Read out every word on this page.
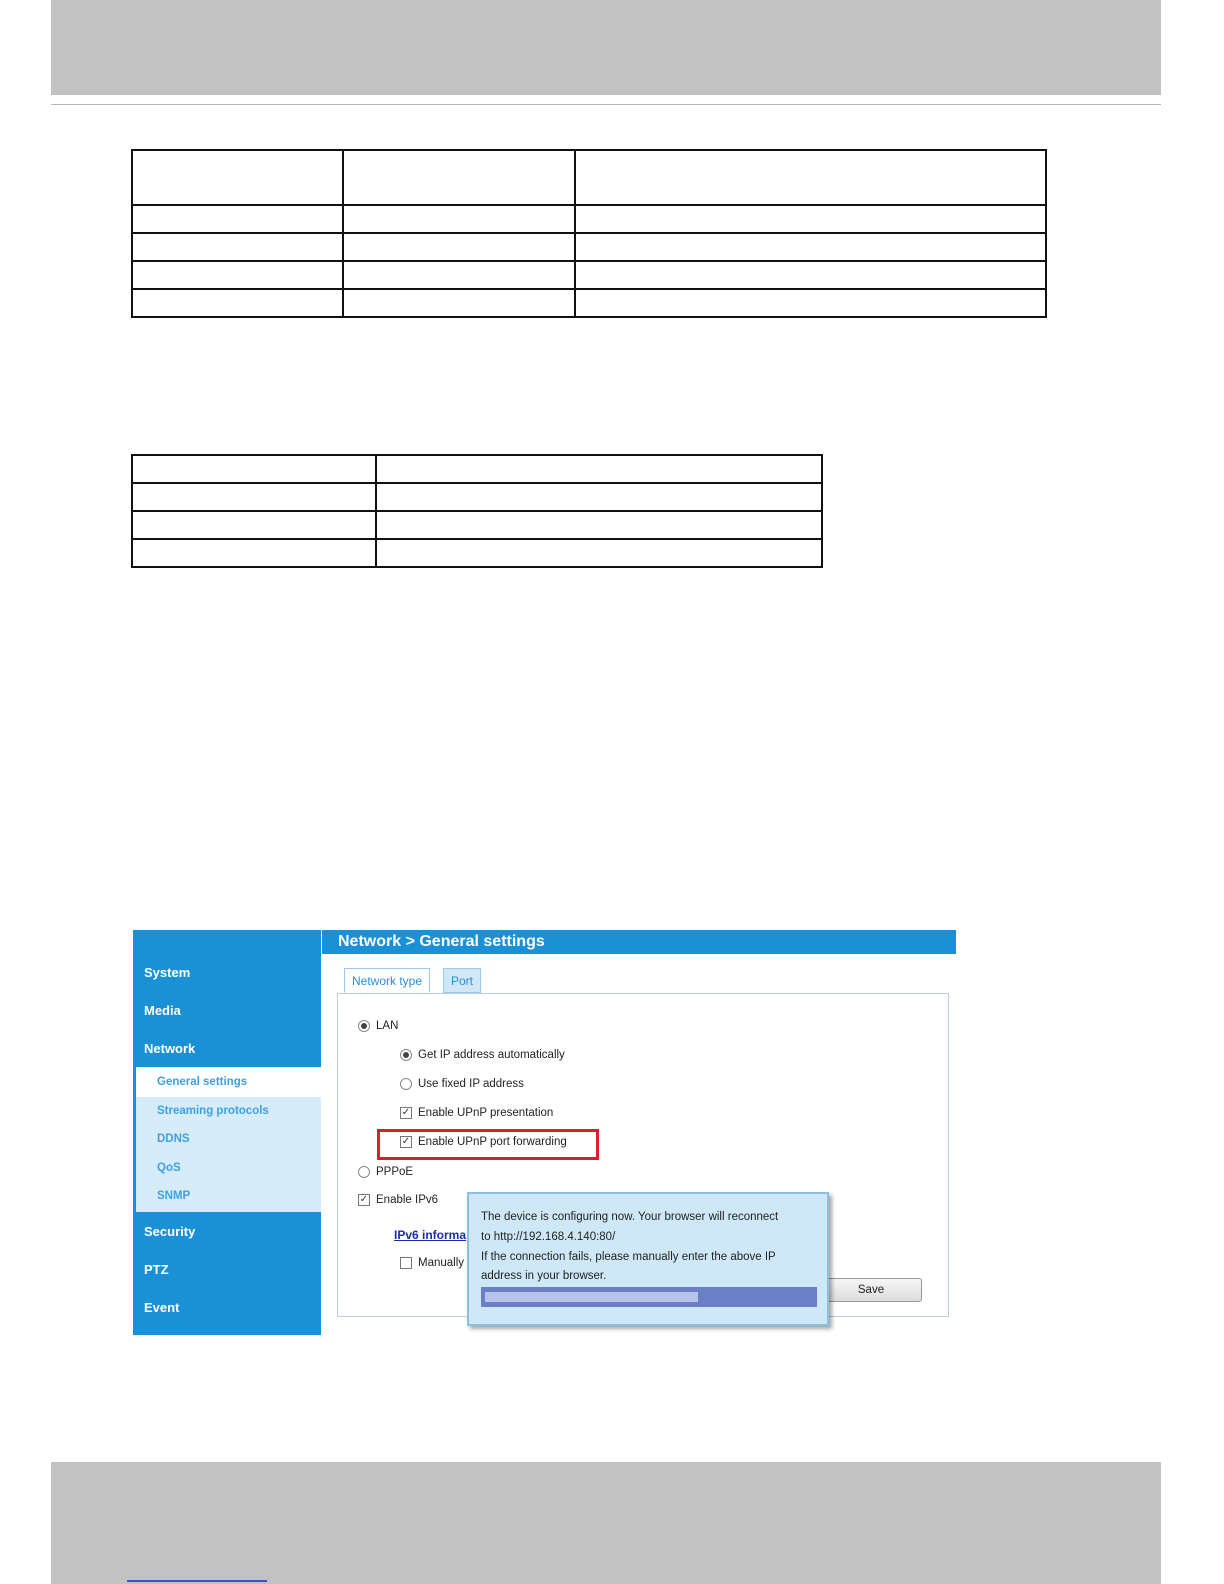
System
Media
Network
General settings
Streaming protocols
DDNS
QoS
SNMP
Security
PTZ
Event
Network > General settings
Network type	Port
LAN
Get IP address automatically
Use fixed IP address
✓ Enable UPnP presentation
✓ Enable UPnP port forwarding
PPPoE
✓ Enable IPv6
Manually
IPv6 informa
Save

The device is configuring now. Your browser will reconnect

to http://192.168.4.140:80/

If the connection fails, please manually enter the above IP

address in your browser.
